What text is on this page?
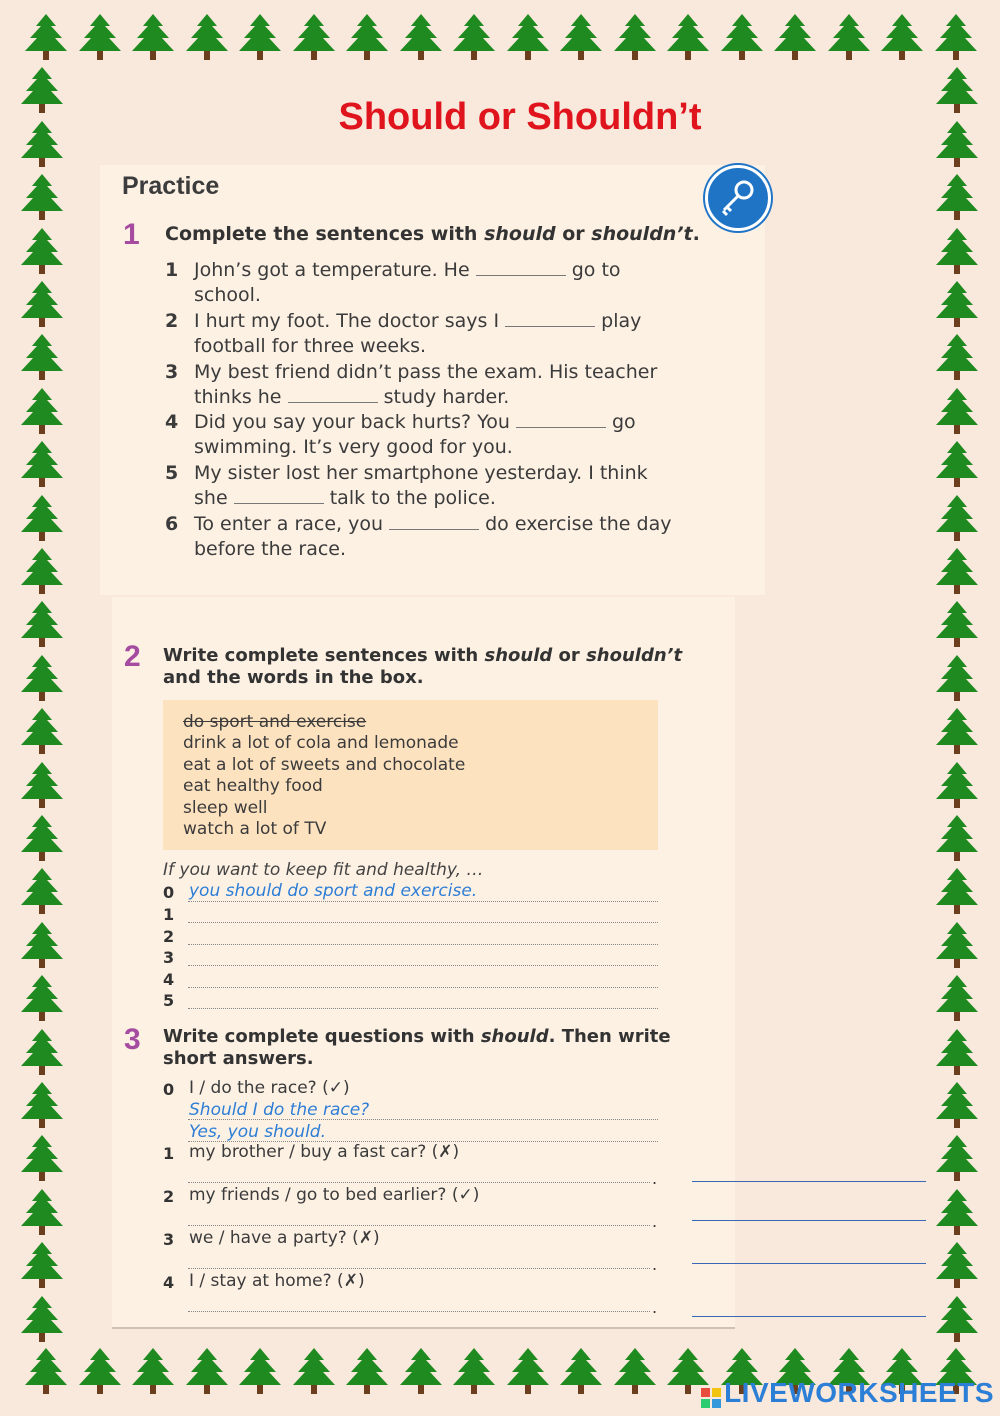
Should or Shouldn’t
Practice
1 Complete the sentences with should or shouldn’t.
1 John’s got a temperature. He	go to
school.
2 I hurt my foot. The doctor says I	play
football for three weeks.
3 My best friend didn’t pass the exam. His teacher
thinks he	study harder.
4 Did you say your back hurts? You	go
swimming. It’s very good for you.
5 My sister lost her smartphone yesterday. I think
she	talk to the police.
6 To enter a race, you	do exercise the day
before the race.
2 Write complete sentences with should or shouldn’t
and the words in the box.
do sport and exercise
drink a lot of cola and lemonade
eat a lot of sweets and chocolate
eat healthy food
sleep well
watch a lot of TV
If you want to keep fit and healthy, …
0 you should do sport and exercise.
1
2
3
4
5
3 Write complete questions with should. Then write
short answers.
0 I / do the race? (✓)
Should I do the race?
Yes, you should.
1 my brother / buy a fast car? (✗)
.
2 my friends / go to bed earlier? (✓)
.
3 we / have a party? (✗)
.
4 I / stay at home? (✗)
.
LIVEWORKSHEETS
